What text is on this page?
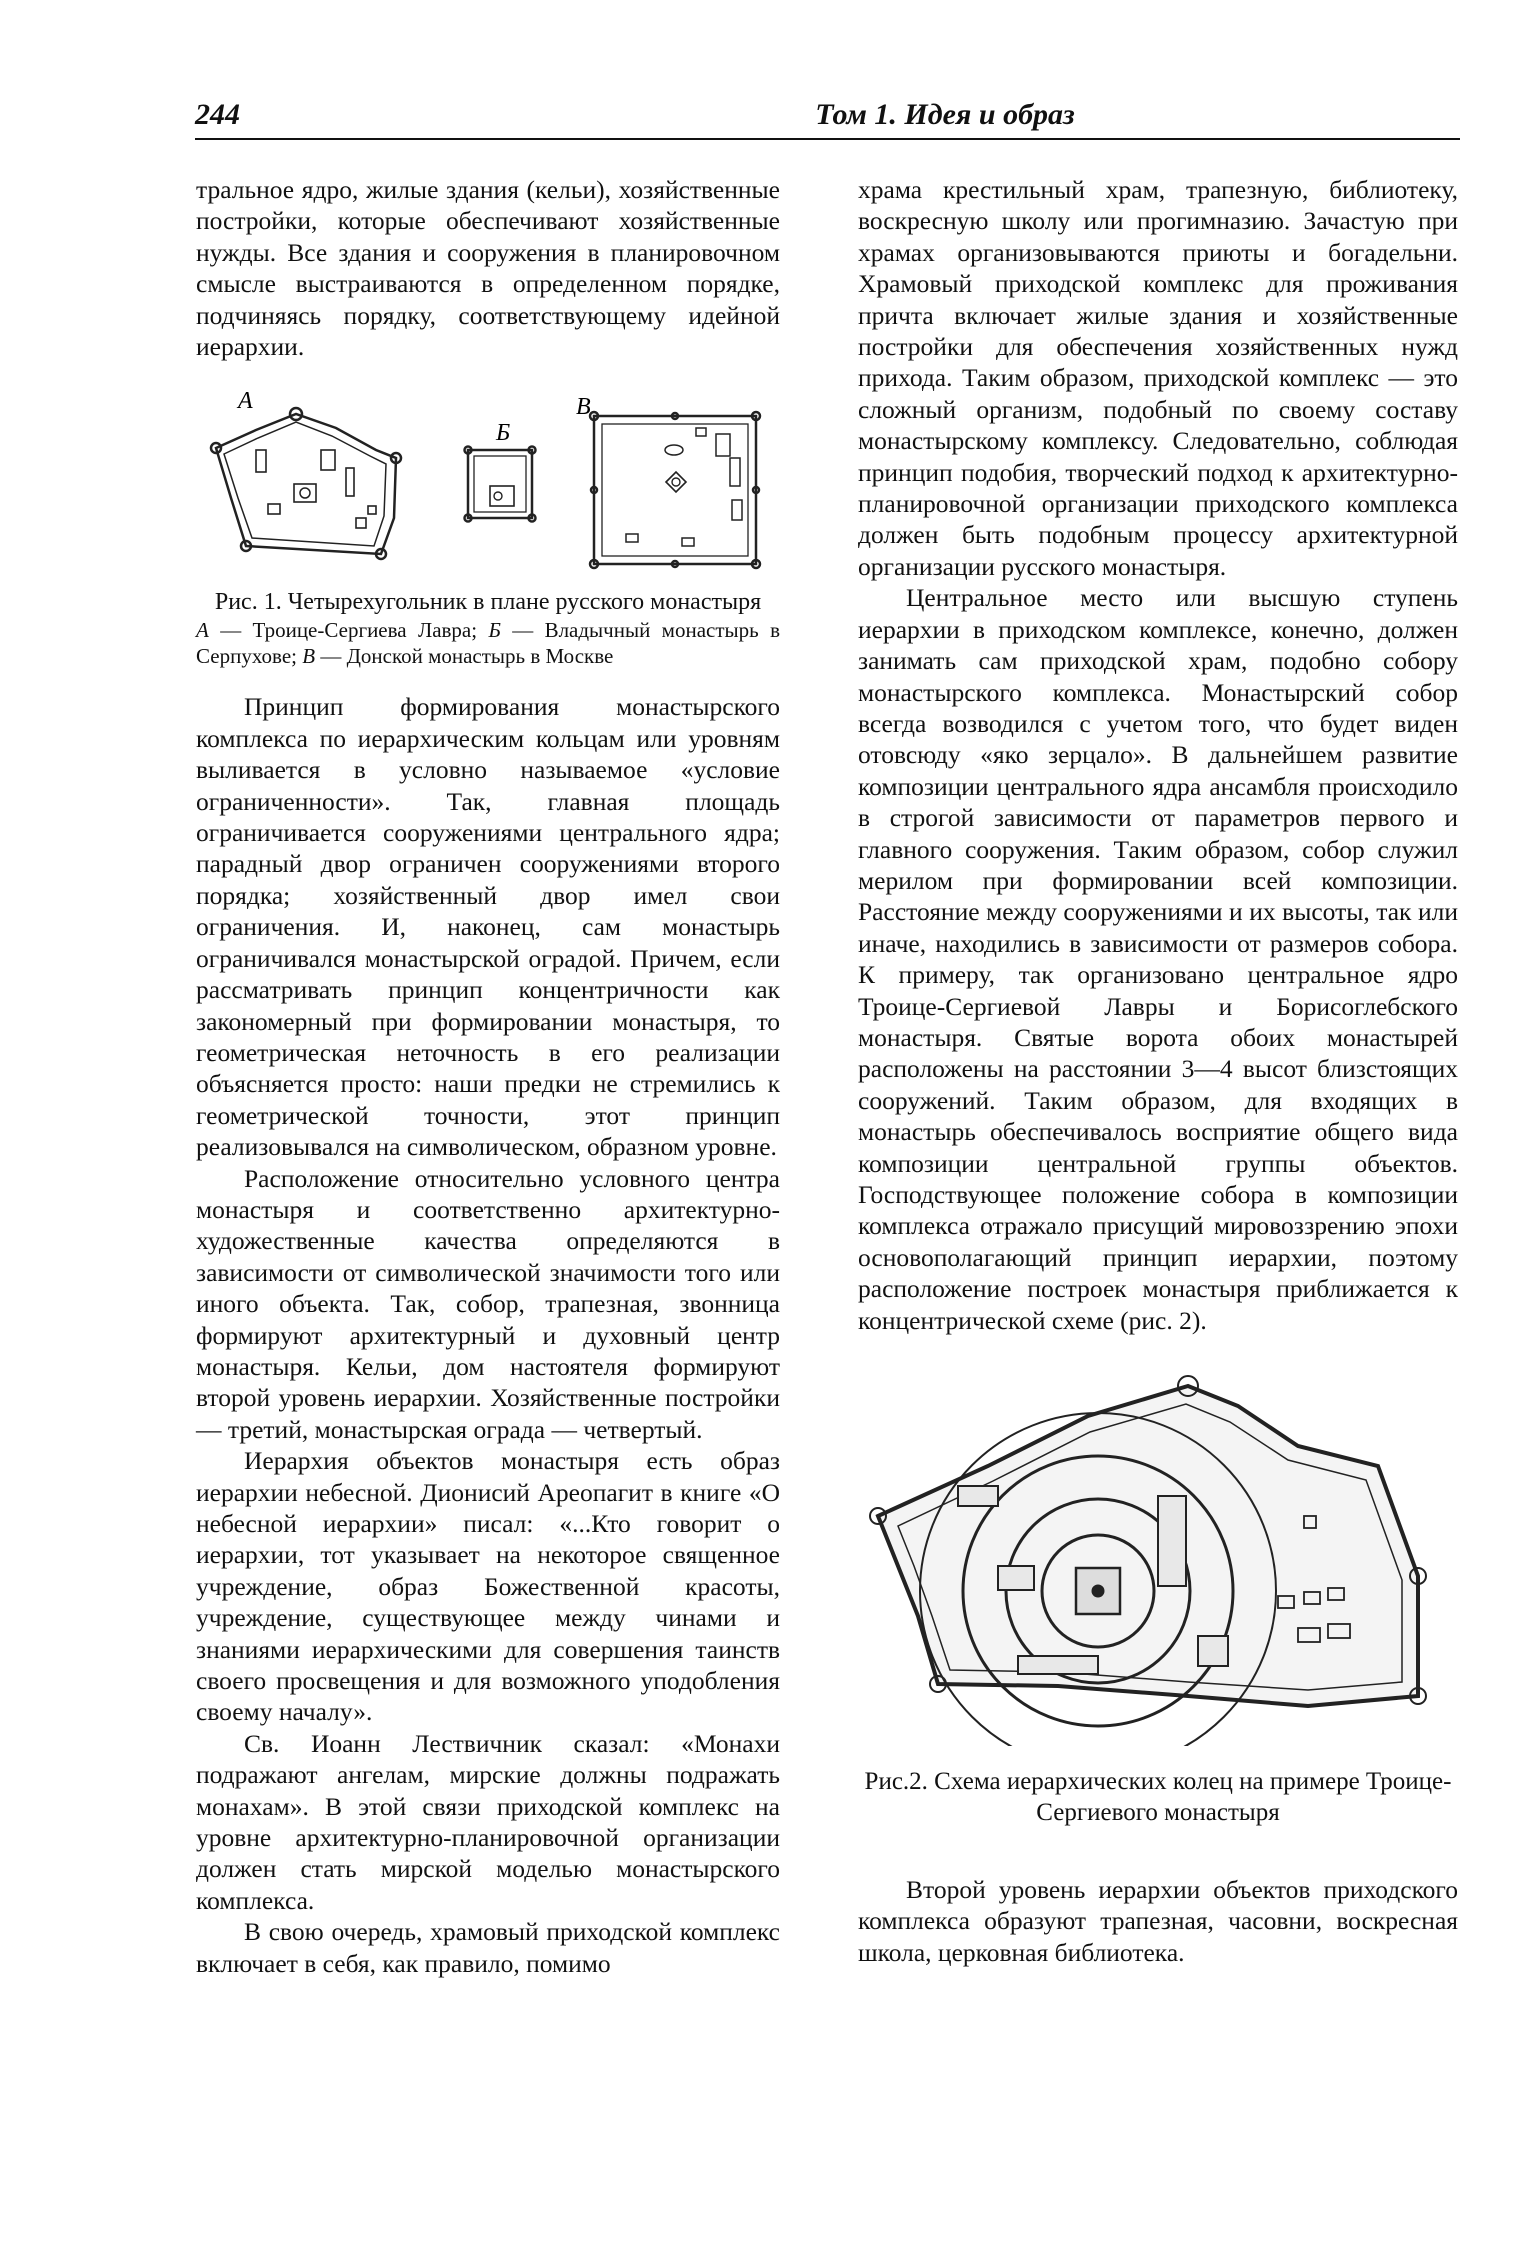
244	Том 1. Идея и образ

тральное ядро, жилые здания (кельи), хозяйственные постройки, которые обеспечивают хозяйственные нужды. Все здания и сооружения в планировочном смысле выстраиваются в определенном порядке, подчиняясь порядку, соответствующему идейной иерархии.

А
Б
В

Рис. 1. Четырехугольник в плане русского монастыря

А — Троице-Сергиева Лавра; Б — Владычный монастырь в Серпухове; В — Донской монастырь в Москве

Принцип формирования монастырского комплекса по иерархическим кольцам или уровням выливается в условно называемое «условие ограниченности». Так, главная площадь ограничивается сооружениями центрального ядра; парадный двор ограничен сооружениями второго порядка; хозяйственный двор имел свои ограничения. И, наконец, сам монастырь ограничивался монастырской оградой. Причем, если рассматривать принцип концентричности как закономерный при формировании монастыря, то геометрическая неточность в его реализации объясняется просто: наши предки не стремились к геометрической точности, этот принцип реализовывался на символическом, образном уровне.

Расположение относительно условного центра монастыря и соответственно архитектурно-художественные качества определяются в зависимости от символической значимости того или иного объекта. Так, собор, трапезная, звонница формируют архитектурный и духовный центр монастыря. Кельи, дом настоятеля формируют второй уровень иерархии. Хозяйственные постройки — третий, монастырская ограда — четвертый.

Иерархия объектов монастыря есть образ иерархии небесной. Дионисий Ареопагит в книге «О небесной иерархии» писал: «...Кто говорит о иерархии, тот указывает на некоторое священное учреждение, образ Божественной красоты, учреждение, существующее между чинами и знаниями иерархическими для совершения таинств своего просвещения и для возможного уподобления своему началу».

Св. Иоанн Лествичник сказал: «Монахи подражают ангелам, мирские должны подражать монахам». В этой связи приходской комплекс на уровне архитектурно-планировочной организации должен стать мирской моделью монастырского комплекса.

В свою очередь, храмовый приходской комплекс включает в себя, как правило, помимо

храма крестильный храм, трапезную, библиотеку, воскресную школу или прогимназию. Зачастую при храмах организовываются приюты и богадельни. Храмовый приходской комплекс для проживания причта включает жилые здания и хозяйственные постройки для обеспечения хозяйственных нужд прихода. Таким образом, приходской комплекс — это сложный организм, подобный по своему составу монастырскому комплексу. Следовательно, соблюдая принцип подобия, творческий подход к архитектурно-планировочной организации приходского комплекса должен быть подобным процессу архитектурной организации русского монастыря.

Центральное место или высшую ступень иерархии в приходском комплексе, конечно, должен занимать сам приходской храм, подобно собору монастырского комплекса. Монастырский собор всегда возводился с учетом того, что будет виден отовсюду «яко зерцало». В дальнейшем развитие композиции центрального ядра ансамбля происходило в строгой зависимости от параметров первого и главного сооружения. Таким образом, собор служил мерилом при формировании всей композиции. Расстояние между сооружениями и их высоты, так или иначе, находились в зависимости от размеров собора. К примеру, так организовано центральное ядро Троице-Сергиевой Лавры и Борисоглебского монастыря. Святые ворота обоих монастырей расположены на расстоянии 3—4 высот близстоящих сооружений. Таким образом, для входящих в монастырь обеспечивалось восприятие общего вида композиции центральной группы объектов. Господствующее положение собора в композиции комплекса отражало присущий мировоззрению эпохи основополагающий принцип иерархии, поэтому расположение построек монастыря приближается к концентрической схеме (рис. 2).

Рис.2. Схема иерархических колец на примере Троице-Сергиевого монастыря

Второй уровень иерархии объектов приходского комплекса образуют трапезная, часовни, воскресная школа, церковная библиотека.
